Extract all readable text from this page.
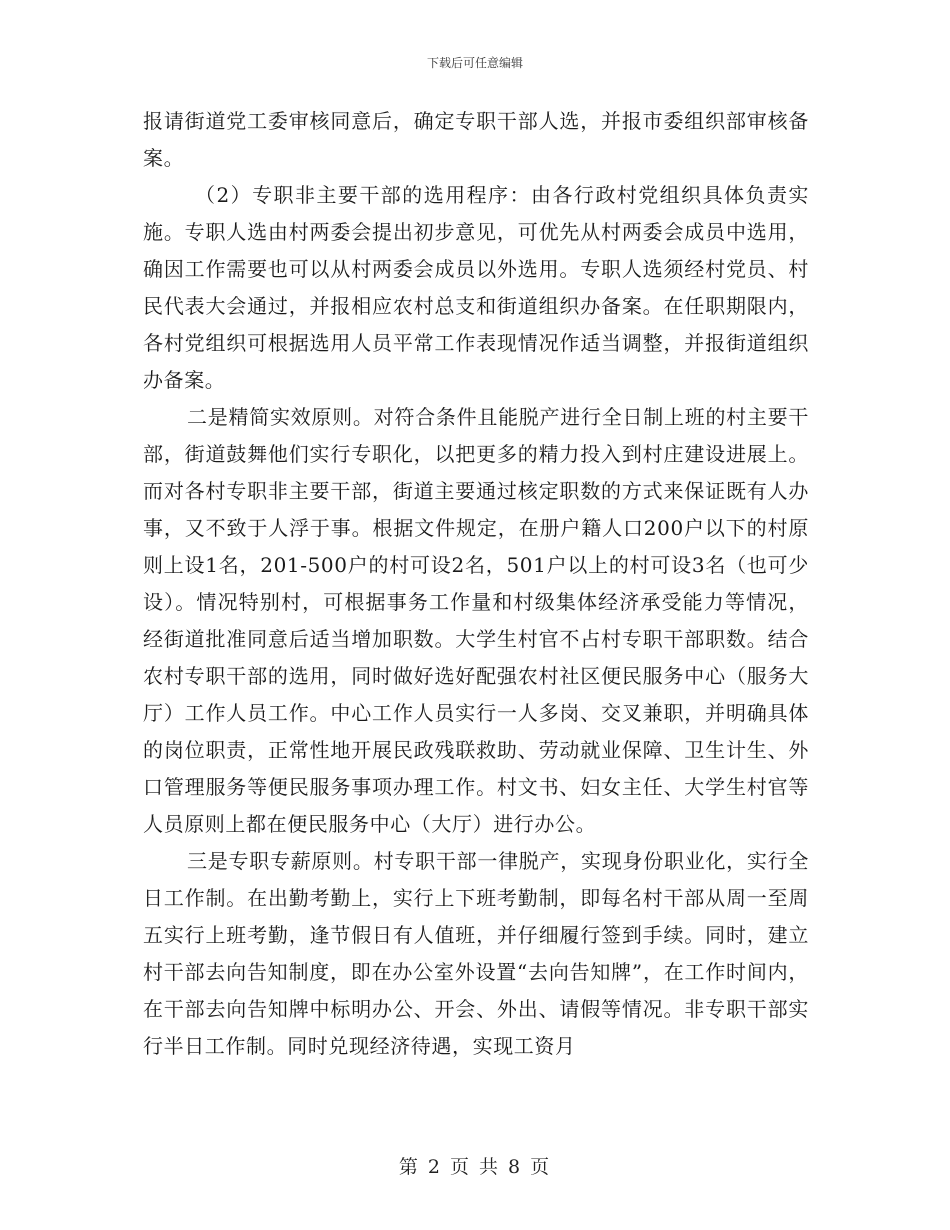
下载后可任意编辑

报请街道党工委审核同意后，确定专职干部人选，并报市委组织部审核备案。

（2）专职非主要干部的选用程序：由各行政村党组织具体负责实施。专职人选由村两委会提出初步意见，可优先从村两委会成员中选用，确因工作需要也可以从村两委会成员以外选用。专职人选须经村党员、村民代表大会通过，并报相应农村总支和街道组织办备案。在任职期限内，各村党组织可根据选用人员平常工作表现情况作适当调整，并报街道组织办备案。

二是精简实效原则。对符合条件且能脱产进行全日制上班的村主要干部，街道鼓舞他们实行专职化，以把更多的精力投入到村庄建设进展上。而对各村专职非主要干部，街道主要通过核定职数的方式来保证既有人办事，又不致于人浮于事。根据文件规定，在册户籍人口200户以下的村原则上设1名，201-500户的村可设2名，501户以上的村可设3名（也可少设）。情况特别村，可根据事务工作量和村级集体经济承受能力等情况，经街道批准同意后适当增加职数。大学生村官不占村专职干部职数。结合农村专职干部的选用，同时做好选好配强农村社区便民服务中心（服务大厅）工作人员工作。中心工作人员实行一人多岗、交叉兼职，并明确具体的岗位职责，正常性地开展民政残联救助、劳动就业保障、卫生计生、外口管理服务等便民服务事项办理工作。村文书、妇女主任、大学生村官等人员原则上都在便民服务中心（大厅）进行办公。

三是专职专薪原则。村专职干部一律脱产，实现身份职业化，实行全日工作制。在出勤考勤上，实行上下班考勤制，即每名村干部从周一至周五实行上班考勤，逢节假日有人值班，并仔细履行签到手续。同时，建立村干部去向告知制度，即在办公室外设置“去向告知牌”，在工作时间内，在干部去向告知牌中标明办公、开会、外出、请假等情况。非专职干部实行半日工作制。同时兑现经济待遇，实现工资月

第 2 页 共 8 页
